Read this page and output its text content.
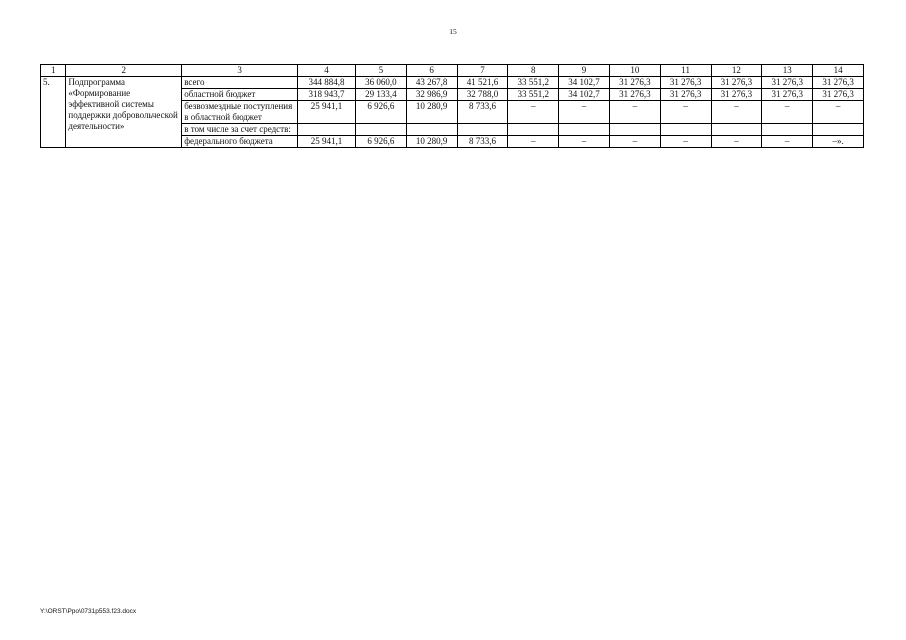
15
1	2	3	4	5	6	7	8	9	10	11	12	13	14
5.	Подпрограмма «Формирование эффективной системы поддержки добровольческой деятельности»	всего	344 884,8	36 060,0	43 267,8	41 521,6	33 551,2	34 102,7	31 276,3	31 276,3	31 276,3	31 276,3	31 276,3
		областной бюджет	318 943,7	29 133,4	32 986,9	32 788,0	33 551,2	34 102,7	31 276,3	31 276,3	31 276,3	31 276,3	31 276,3
		безвозмездные поступления в областной бюджет	25 941,1	6 926,6	10 280,9	8 733,6	–	–	–	–	–	–	–
		в том числе за счет средств:											
		федерального бюджета	25 941,1	6 926,6	10 280,9	8 733,6	–	–	–	–	–	–	–».
Y:\ORST\Ppo\0731p553.f23.docx
